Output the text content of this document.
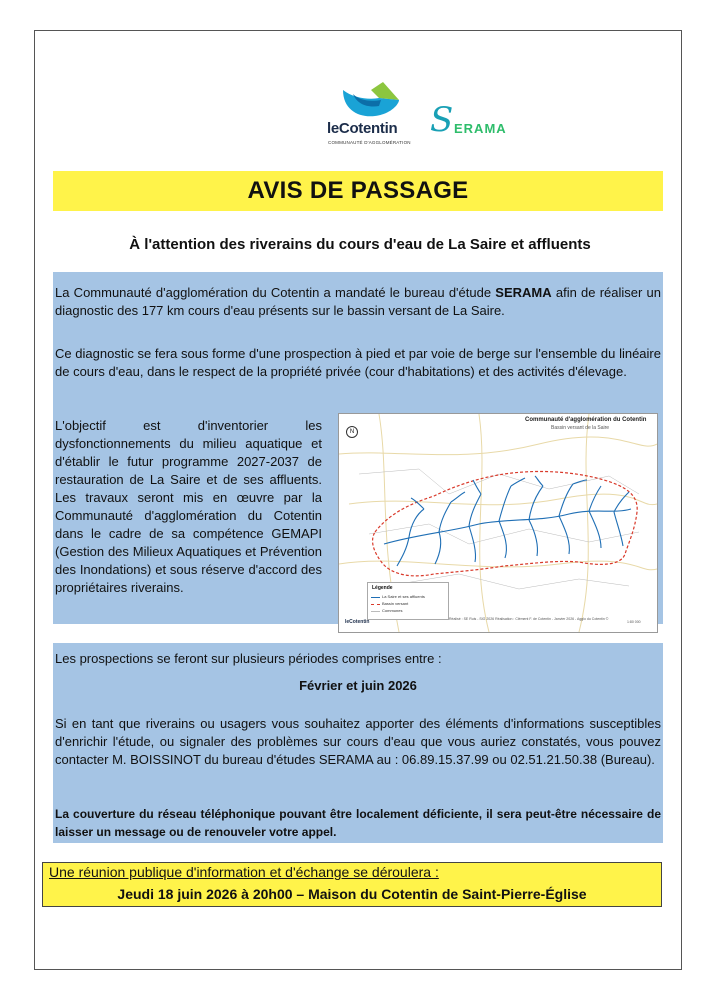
leCotentin
COMMUNAUTÉ D'AGGLOMÉRATION
S ERAMA
AVIS DE PASSAGE
À l'attention des riverains du cours d'eau de La Saire et affluents

La Communauté d'agglomération du Cotentin a mandaté le bureau d'étude SERAMA afin de réaliser un diagnostic des 177 km cours d'eau présents sur le bassin versant de La Saire.

Ce diagnostic se fera sous forme d'une prospection à pied et par voie de berge sur l'ensemble du linéaire de cours d'eau, dans le respect de la propriété privée (cour d'habitations) et des activités d'élevage.

L'objectif est d'inventorier les dysfonctionnements du milieu aquatique et d'établir le futur programme 2027-2037 de restauration de La Saire et de ses affluents. Les travaux seront mis en œuvre par la Communauté d'agglomération du Cotentin dans le cadre de sa compétence GEMAPI (Gestion des Milieux Aquatiques et Prévention des Inondations) et sous réserve d'accord des propriétaires riverains.

N
Communauté d'agglomération du Cotentin
Bassin versant de la Saire
Légende
La Saire et ses affluents
Bassin versant
Communes
leCotentin	Réalisé : SE Ruis - SIG 2026 Réalisation : Clément F. de Cotentin - Janvier 2026 - Agglo du Cotentin ©
1:80 000

Les prospections se feront sur plusieurs périodes comprises entre :

Février et juin 2026

Si en tant que riverains ou usagers vous souhaitez apporter des éléments d'informations susceptibles d'enrichir l'étude, ou signaler des problèmes sur cours d'eau que vous auriez constatés, vous pouvez contacter M. BOISSINOT du bureau d'études SERAMA au : 06.89.15.37.99 ou 02.51.21.50.38 (Bureau).

La couverture du réseau téléphonique pouvant être localement déficiente, il sera peut-être nécessaire de laisser un message ou de renouveler votre appel.

Une réunion publique d'information et d'échange se déroulera :
Jeudi 18 juin 2026 à 20h00 – Maison du Cotentin de Saint-Pierre-Église
